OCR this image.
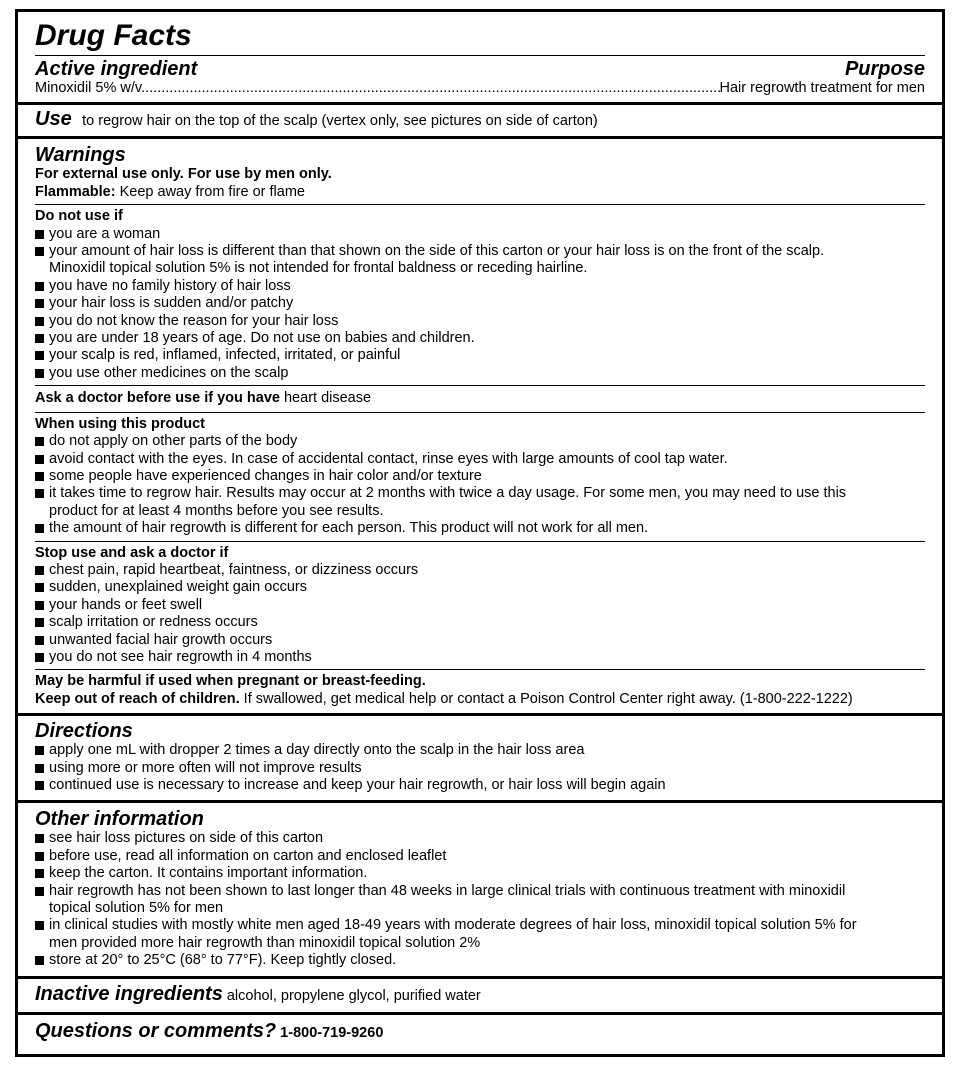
Drug Facts
Active ingredient	Purpose
Minoxidil 5% w/v.
.....	Hair regrowth treatment for men
Use to regrow hair on the top of the scalp (vertex only, see pictures on side of carton)
Warnings
For external use only. For use by men only.
Flammable: Keep away from fire or flame
Do not use if
you are a woman
your amount of hair loss is different than that shown on the side of this carton or your hair loss is on the front of the scalp.
Minoxidil topical solution 5% is not intended for frontal baldness or receding hairline.
you have no family history of hair loss
your hair loss is sudden and/or patchy
you do not know the reason for your hair loss
you are under 18 years of age. Do not use on babies and children.
your scalp is red, inflamed, infected, irritated, or painful
you use other medicines on the scalp
Ask a doctor before use if you have heart disease
When using this product
do not apply on other parts of the body
avoid contact with the eyes. In case of accidental contact, rinse eyes with large amounts of cool tap water.
some people have experienced changes in hair color and/or texture
it takes time to regrow hair. Results may occur at 2 months with twice a day usage. For some men, you may need to use this
product for at least 4 months before you see results.
the amount of hair regrowth is different for each person. This product will not work for all men.
Stop use and ask a doctor if
chest pain, rapid heartbeat, faintness, or dizziness occurs
sudden, unexplained weight gain occurs
your hands or feet swell
scalp irritation or redness occurs
unwanted facial hair growth occurs
you do not see hair regrowth in 4 months
May be harmful if used when pregnant or breast-feeding.
Keep out of reach of children. If swallowed, get medical help or contact a Poison Control Center right away. (1-800-222-1222)
Directions
apply one mL with dropper 2 times a day directly onto the scalp in the hair loss area
using more or more often will not improve results
continued use is necessary to increase and keep your hair regrowth, or hair loss will begin again
Other information
see hair loss pictures on side of this carton
before use, read all information on carton and enclosed leaflet
keep the carton. It contains important information.
hair regrowth has not been shown to last longer than 48 weeks in large clinical trials with continuous treatment with minoxidil
topical solution 5% for men
in clinical studies with mostly white men aged 18-49 years with moderate degrees of hair loss, minoxidil topical solution 5% for
men provided more hair regrowth than minoxidil topical solution 2%
store at 20° to 25°C (68° to 77°F). Keep tightly closed.
Inactive ingredients alcohol, propylene glycol, purified water
Questions or comments? 1-800-719-9260
